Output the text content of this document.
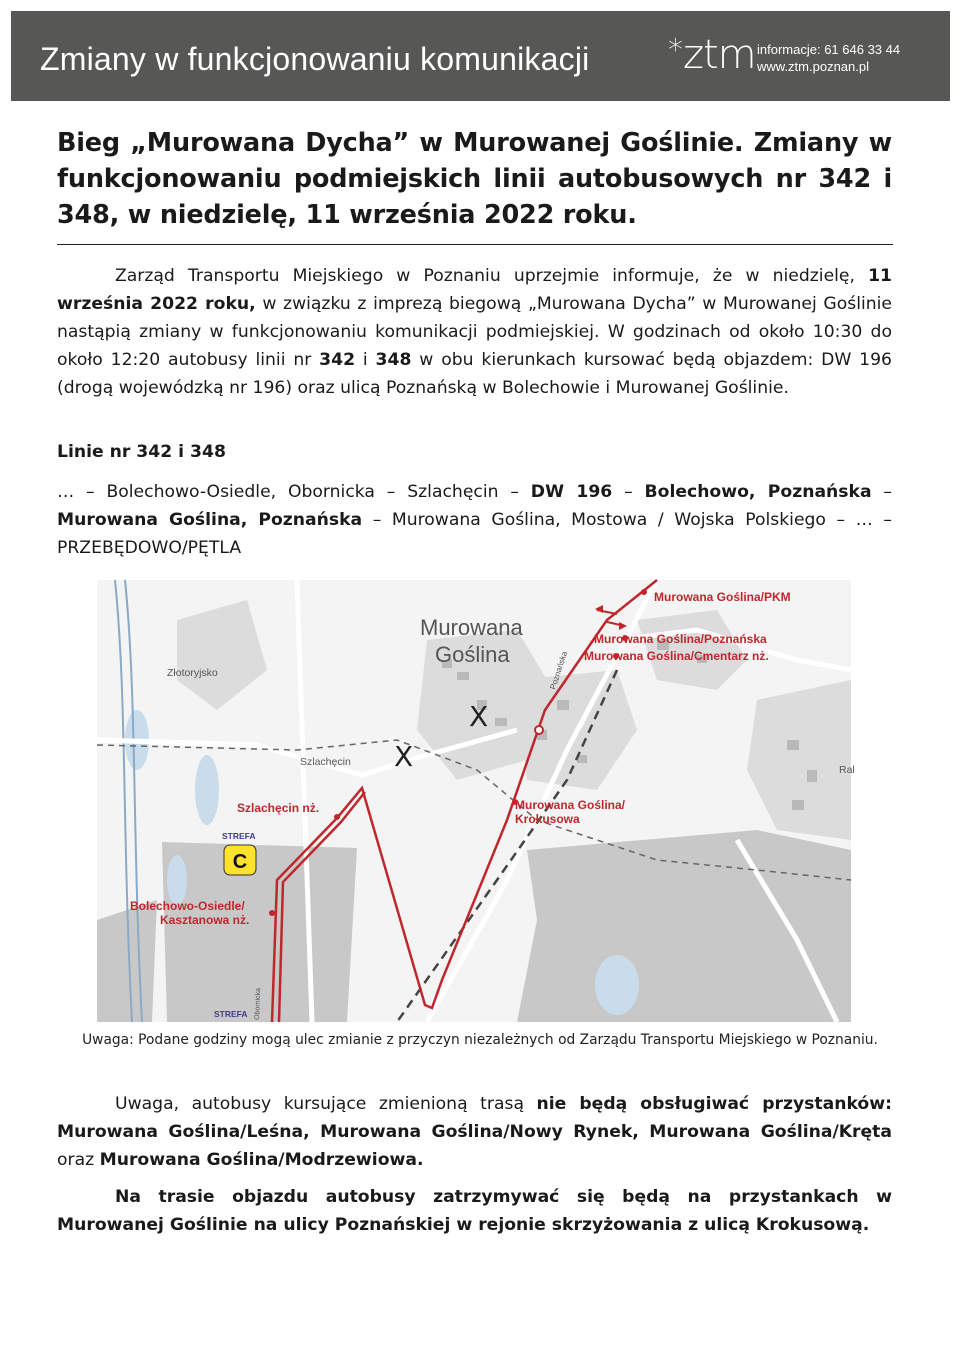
Zmiany w funkcjonowaniu komunikacji	*ztm informacje: 61 646 33 44
www.ztm.poznan.pl
Bieg „Murowana Dycha” w Murowanej Goślinie. Zmiany w funkcjonowaniu podmiejskich linii autobusowych nr 342 i 348, w niedzielę, 11 września 2022 roku.

Zarząd Transportu Miejskiego w Poznaniu uprzejmie informuje, że w niedzielę, 11 września 2022 roku, w związku z imprezą biegową „Murowana Dycha” w Murowanej Goślinie nastąpią zmiany w funkcjonowaniu komunikacji podmiejskiej. W godzinach od około 10:30 do około 12:20 autobusy linii nr 342 i 348 w obu kierunkach kursować będą objazdem: DW 196 (drogą wojewódzką nr 196) oraz ulicą Poznańską w Bolechowie i Murowanej Goślinie.

Linie nr 342 i 348

… – Bolechowo-Osiedle, Obornicka – Szlachęcin – DW 196 – Bolechowo, Poznańska – Murowana Goślina, Poznańska – Murowana Goślina, Mostowa / Wojska Polskiego – … – PRZEBĘDOWO/PĘTLA

X
X
Murowana
Goślina
Złotoryjsko
Szlachęcin
Ral
Poznańska
Obornicka
Murowana Goślina/PKM
Murowana Goślina/Poznańska
Murowana Goślina/Cmentarz nż.
Murowana Goślina/
Krokusowa
Szlachęcin nż.
Bolechowo-Osiedle/
Kasztanowa nż.
STREFA
C
STREFA
Uwaga: Podane godziny mogą ulec zmianie z przyczyn niezależnych od Zarządu Transportu Miejskiego w Poznaniu.

Uwaga, autobusy kursujące zmienioną trasą nie będą obsługiwać przystanków: Murowana Goślina/Leśna, Murowana Goślina/Nowy Rynek, Murowana Goślina/Kręta oraz Murowana Goślina/Modrzewiowa.

Na trasie objazdu autobusy zatrzymywać się będą na przystankach w Murowanej Goślinie na ulicy Poznańskiej w rejonie skrzyżowania z ulicą Krokusową.
